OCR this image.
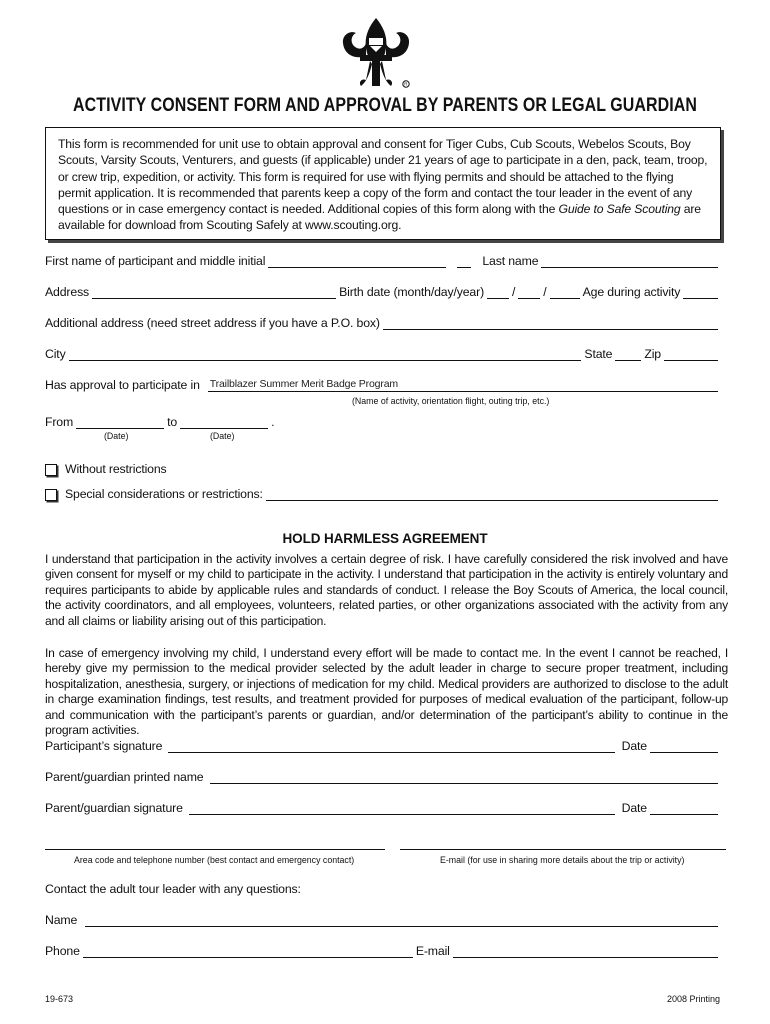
R
ACTIVITY CONSENT FORM AND APPROVAL BY PARENTS OR LEGAL GUARDIAN
This form is recommended for unit use to obtain approval and consent for Tiger Cubs, Cub Scouts, Webelos Scouts, Boy Scouts, Varsity Scouts, Venturers, and guests (if applicable) under 21 years of age to participate in a den, pack, team, troop, or crew trip, expedition, or activity. This form is required for use with flying permits and should be attached to the flying permit application. It is recommended that parents keep a copy of the form and contact the tour leader in the event of any questions or in case emergency contact is needed. Additional copies of this form along with the Guide to Safe Scouting are available for download from Scouting Safely at www.scouting.org.
First name of participant and middle initial	Last name
Address	Birth date (month/day/year) / /	Age during activity
Additional address (need street address if you have a P.O. box)
City	State	Zip
Has approval to participate in Trailblazer Summer Merit Badge Program
(Name of activity, orientation flight, outing trip, etc.)
From	to	.
(Date)	(Date)
Without restrictions
Special considerations or restrictions:
HOLD HARMLESS AGREEMENT
I understand that participation in the activity involves a certain degree of risk. I have carefully considered the risk involved and have given consent for myself or my child to participate in the activity. I understand that participation in the activity is entirely voluntary and requires participants to abide by applicable rules and standards of conduct. I release the Boy Scouts of America, the local council, the activity coordinators, and all employees, volunteers, related parties, or other organizations associated with the activity from any and all claims or liability arising out of this participation.
In case of emergency involving my child, I understand every effort will be made to contact me. In the event I cannot be reached, I hereby give my permission to the medical provider selected by the adult leader in charge to secure proper treatment, including hospitalization, anesthesia, surgery, or injections of medication for my child. Medical providers are authorized to disclose to the adult in charge examination findings, test results, and treatment provided for purposes of medical evaluation of the participant, follow-up and communication with the participant’s parents or guardian, and/or determination of the participant’s ability to continue in the program activities.
Participant’s signature	Date
Parent/guardian printed name
Parent/guardian signature	Date
Area code and telephone number (best contact and emergency contact)	E-mail (for use in sharing more details about the trip or activity)
Contact the adult tour leader with any questions:
Name
Phone	E-mail
19-673	2008 Printing
